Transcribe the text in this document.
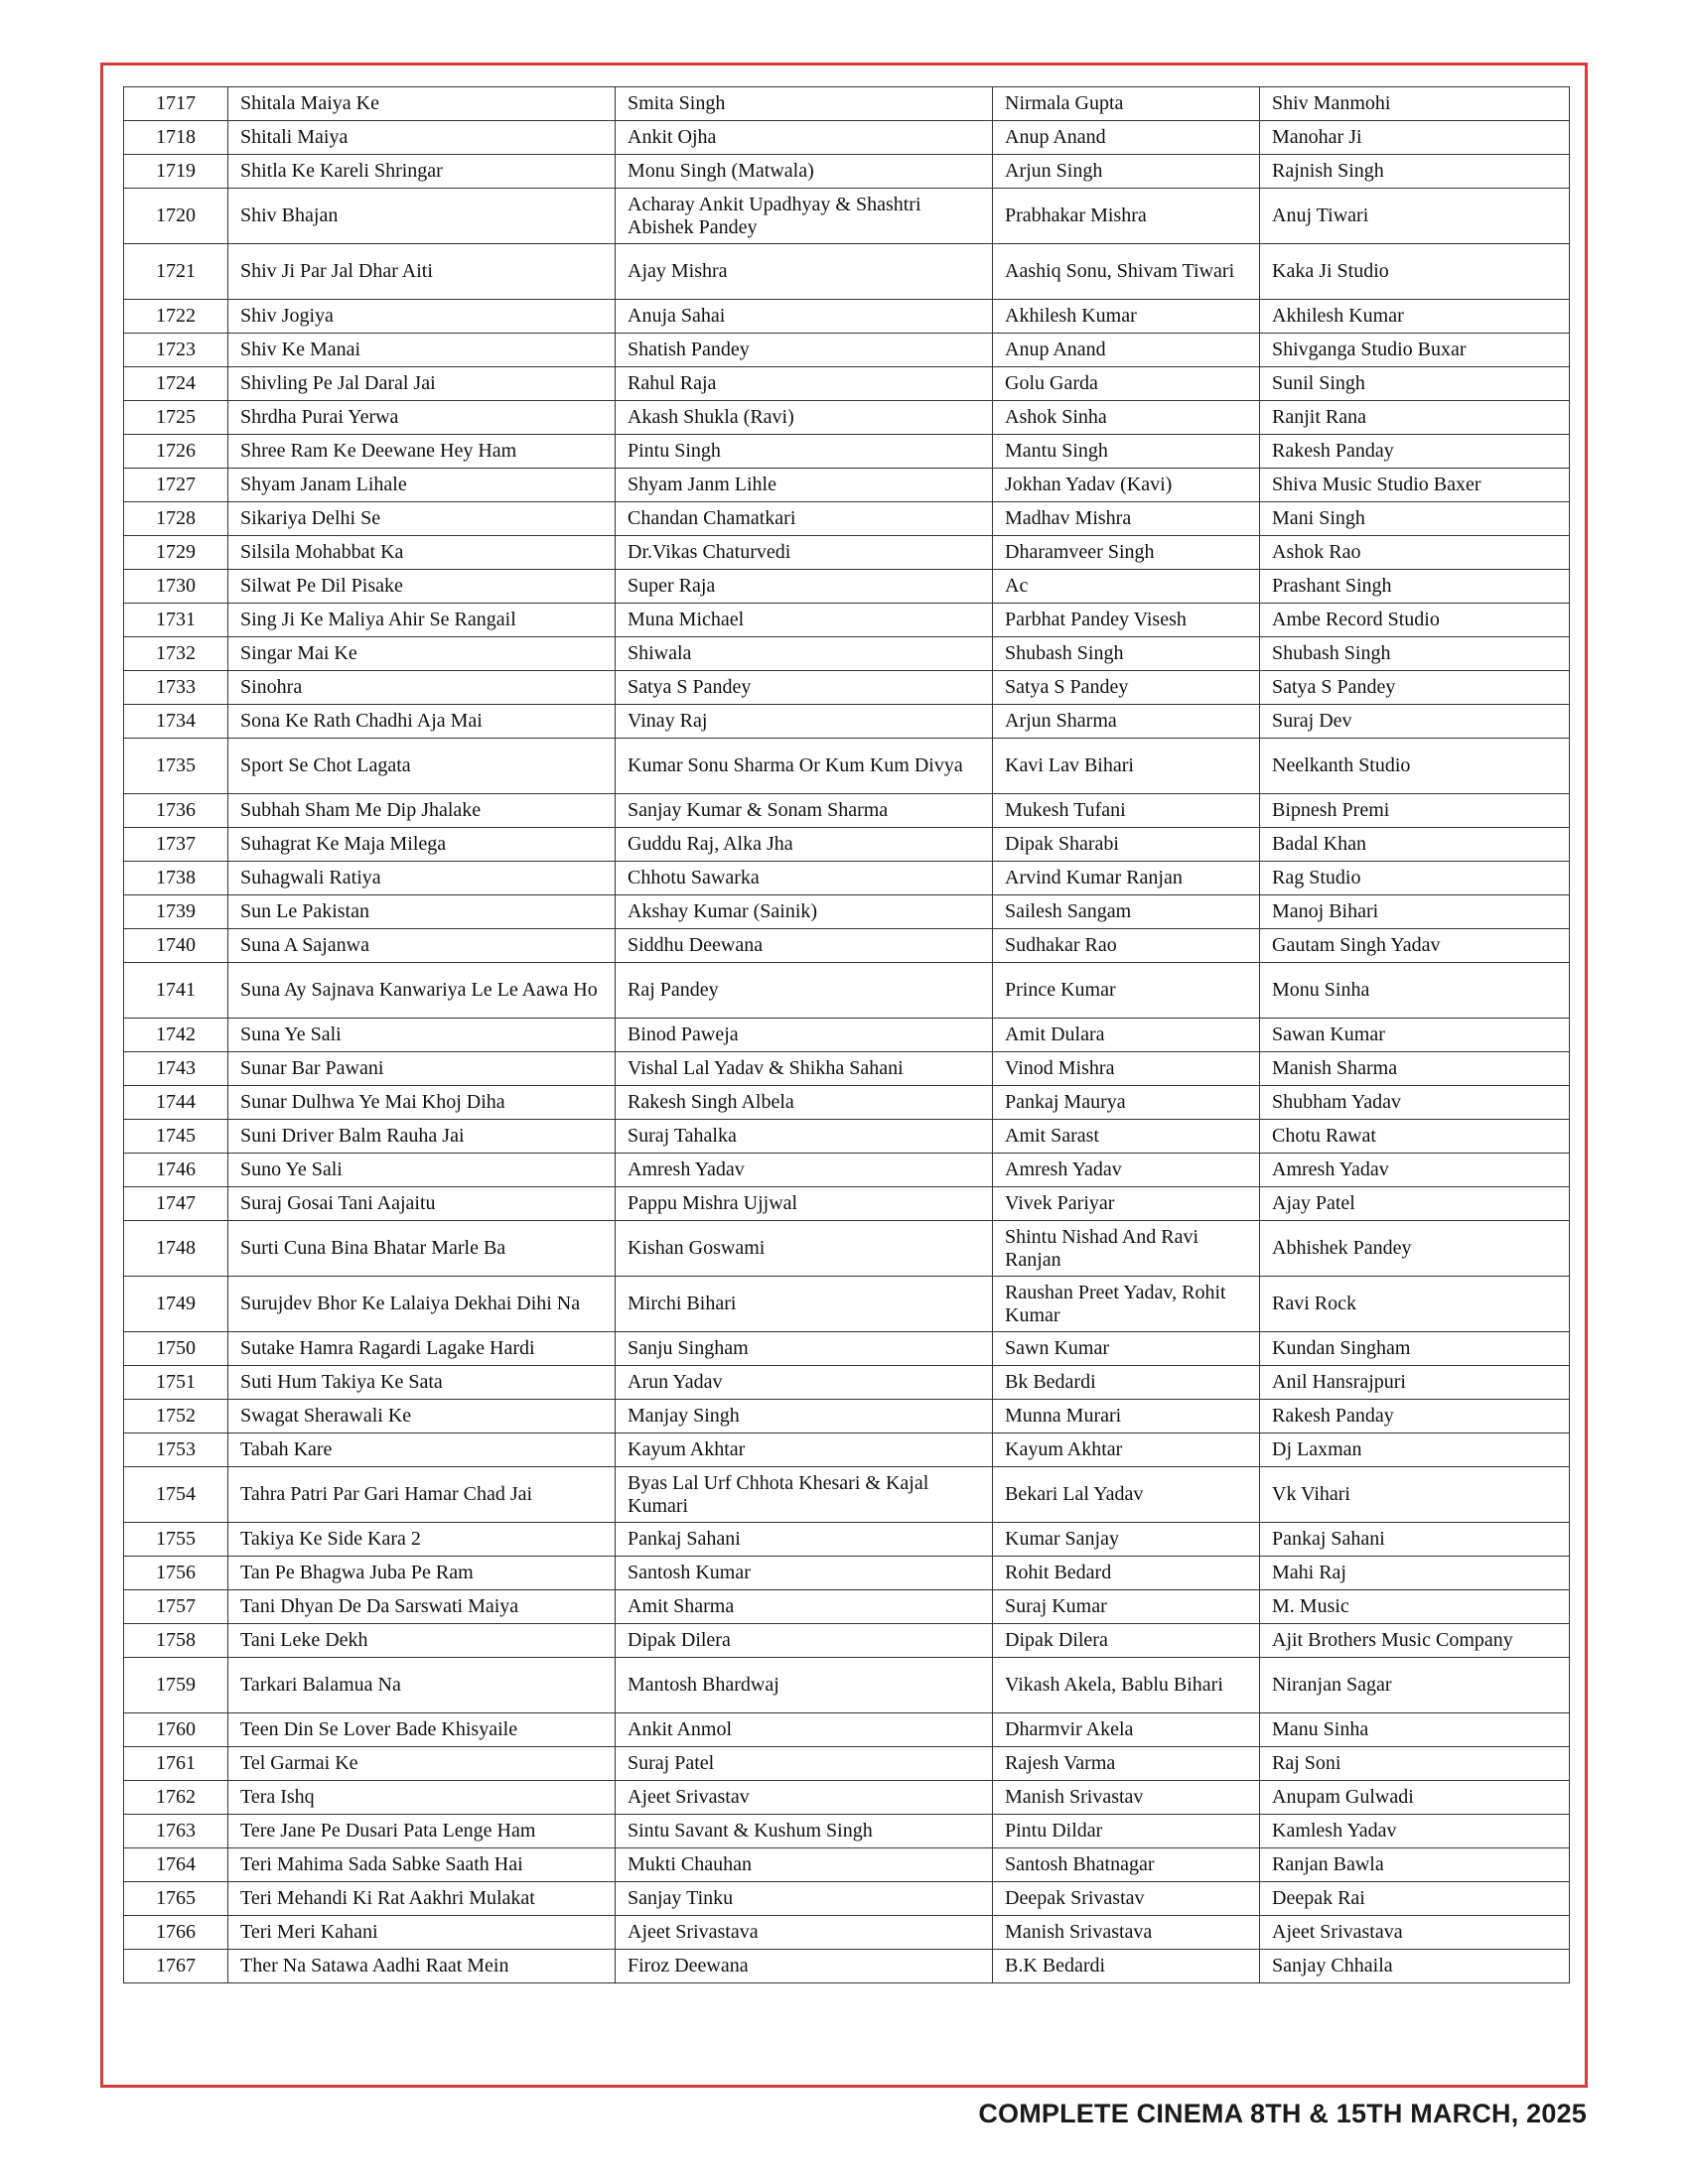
1717	Shitala Maiya Ke	Smita Singh	Nirmala Gupta	Shiv Manmohi
1718	Shitali Maiya	Ankit Ojha	Anup Anand	Manohar Ji
1719	Shitla Ke Kareli Shringar	Monu Singh (Matwala)	Arjun Singh	Rajnish Singh
1720	Shiv Bhajan	Acharay Ankit Upadhyay & Shashtri Abishek Pandey	Prabhakar Mishra	Anuj Tiwari
1721	Shiv Ji Par Jal Dhar Aiti	Ajay Mishra	Aashiq Sonu, Shivam Tiwari	Kaka Ji Studio
1722	Shiv Jogiya	Anuja Sahai	Akhilesh Kumar	Akhilesh Kumar
1723	Shiv Ke Manai	Shatish Pandey	Anup Anand	Shivganga Studio Buxar
1724	Shivling Pe Jal Daral Jai	Rahul Raja	Golu Garda	Sunil Singh
1725	Shrdha Purai Yerwa	Akash Shukla (Ravi)	Ashok Sinha	Ranjit Rana
1726	Shree Ram Ke Deewane Hey Ham	Pintu Singh	Mantu Singh	Rakesh Panday
1727	Shyam Janam Lihale	Shyam Janm Lihle	Jokhan Yadav (Kavi)	Shiva Music Studio Baxer
1728	Sikariya Delhi Se	Chandan Chamatkari	Madhav Mishra	Mani Singh
1729	Silsila Mohabbat Ka	Dr.Vikas Chaturvedi	Dharamveer Singh	Ashok Rao
1730	Silwat Pe Dil Pisake	Super Raja	Ac	Prashant Singh
1731	Sing Ji Ke Maliya Ahir Se Rangail	Muna Michael	Parbhat Pandey Visesh	Ambe Record Studio
1732	Singar Mai Ke	Shiwala	Shubash Singh	Shubash Singh
1733	Sinohra	Satya S Pandey	Satya S Pandey	Satya S Pandey
1734	Sona Ke Rath Chadhi Aja Mai	Vinay Raj	Arjun Sharma	Suraj Dev
1735	Sport Se Chot Lagata	Kumar Sonu Sharma Or Kum Kum Divya	Kavi Lav Bihari	Neelkanth Studio
1736	Subhah Sham Me Dip Jhalake	Sanjay Kumar & Sonam Sharma	Mukesh Tufani	Bipnesh Premi
1737	Suhagrat Ke Maja Milega	Guddu Raj, Alka Jha	Dipak Sharabi	Badal Khan
1738	Suhagwali Ratiya	Chhotu Sawarka	Arvind Kumar Ranjan	Rag Studio
1739	Sun Le Pakistan	Akshay Kumar (Sainik)	Sailesh Sangam	Manoj Bihari
1740	Suna A Sajanwa	Siddhu Deewana	Sudhakar Rao	Gautam Singh Yadav
1741	Suna Ay Sajnava Kanwariya Le Le Aawa Ho	Raj Pandey	Prince Kumar	Monu Sinha
1742	Suna Ye Sali	Binod Paweja	Amit Dulara	Sawan Kumar
1743	Sunar Bar Pawani	Vishal Lal Yadav & Shikha Sahani	Vinod Mishra	Manish Sharma
1744	Sunar Dulhwa Ye Mai Khoj Diha	Rakesh Singh Albela	Pankaj Maurya	Shubham Yadav
1745	Suni Driver Balm Rauha Jai	Suraj Tahalka	Amit Sarast	Chotu Rawat
1746	Suno Ye Sali	Amresh Yadav	Amresh Yadav	Amresh Yadav
1747	Suraj Gosai Tani Aajaitu	Pappu Mishra Ujjwal	Vivek Pariyar	Ajay Patel
1748	Surti Cuna Bina Bhatar Marle Ba	Kishan Goswami	Shintu Nishad And Ravi Ranjan	Abhishek Pandey
1749	Surujdev Bhor Ke Lalaiya Dekhai Dihi Na	Mirchi Bihari	Raushan Preet Yadav, Rohit Kumar	Ravi Rock
1750	Sutake Hamra Ragardi Lagake Hardi	Sanju Singham	Sawn Kumar	Kundan Singham
1751	Suti Hum Takiya Ke Sata	Arun Yadav	Bk Bedardi	Anil Hansrajpuri
1752	Swagat Sherawali Ke	Manjay Singh	Munna Murari	Rakesh Panday
1753	Tabah Kare	Kayum Akhtar	Kayum Akhtar	Dj Laxman
1754	Tahra Patri Par Gari Hamar Chad Jai	Byas Lal Urf Chhota Khesari & Kajal Kumari	Bekari Lal Yadav	Vk Vihari
1755	Takiya Ke Side Kara 2	Pankaj Sahani	Kumar Sanjay	Pankaj Sahani
1756	Tan Pe Bhagwa Juba Pe Ram	Santosh Kumar	Rohit Bedard	Mahi Raj
1757	Tani Dhyan De Da Sarswati Maiya	Amit Sharma	Suraj Kumar	M. Music
1758	Tani Leke Dekh	Dipak Dilera	Dipak Dilera	Ajit Brothers Music Company
1759	Tarkari Balamua Na	Mantosh Bhardwaj	Vikash Akela, Bablu Bihari	Niranjan Sagar
1760	Teen Din Se Lover Bade Khisyaile	Ankit Anmol	Dharmvir Akela	Manu Sinha
1761	Tel Garmai Ke	Suraj Patel	Rajesh Varma	Raj Soni
1762	Tera Ishq	Ajeet Srivastav	Manish Srivastav	Anupam Gulwadi
1763	Tere Jane Pe Dusari Pata Lenge Ham	Sintu Savant & Kushum Singh	Pintu Dildar	Kamlesh Yadav
1764	Teri Mahima Sada Sabke Saath Hai	Mukti Chauhan	Santosh Bhatnagar	Ranjan Bawla
1765	Teri Mehandi Ki Rat Aakhri Mulakat	Sanjay Tinku	Deepak Srivastav	Deepak Rai
1766	Teri Meri Kahani	Ajeet Srivastava	Manish Srivastava	Ajeet Srivastava
1767	Ther Na Satawa Aadhi Raat Mein	Firoz Deewana	B.K Bedardi	Sanjay Chhaila
COMPLETE CINEMA 8TH & 15TH MARCH, 2025
